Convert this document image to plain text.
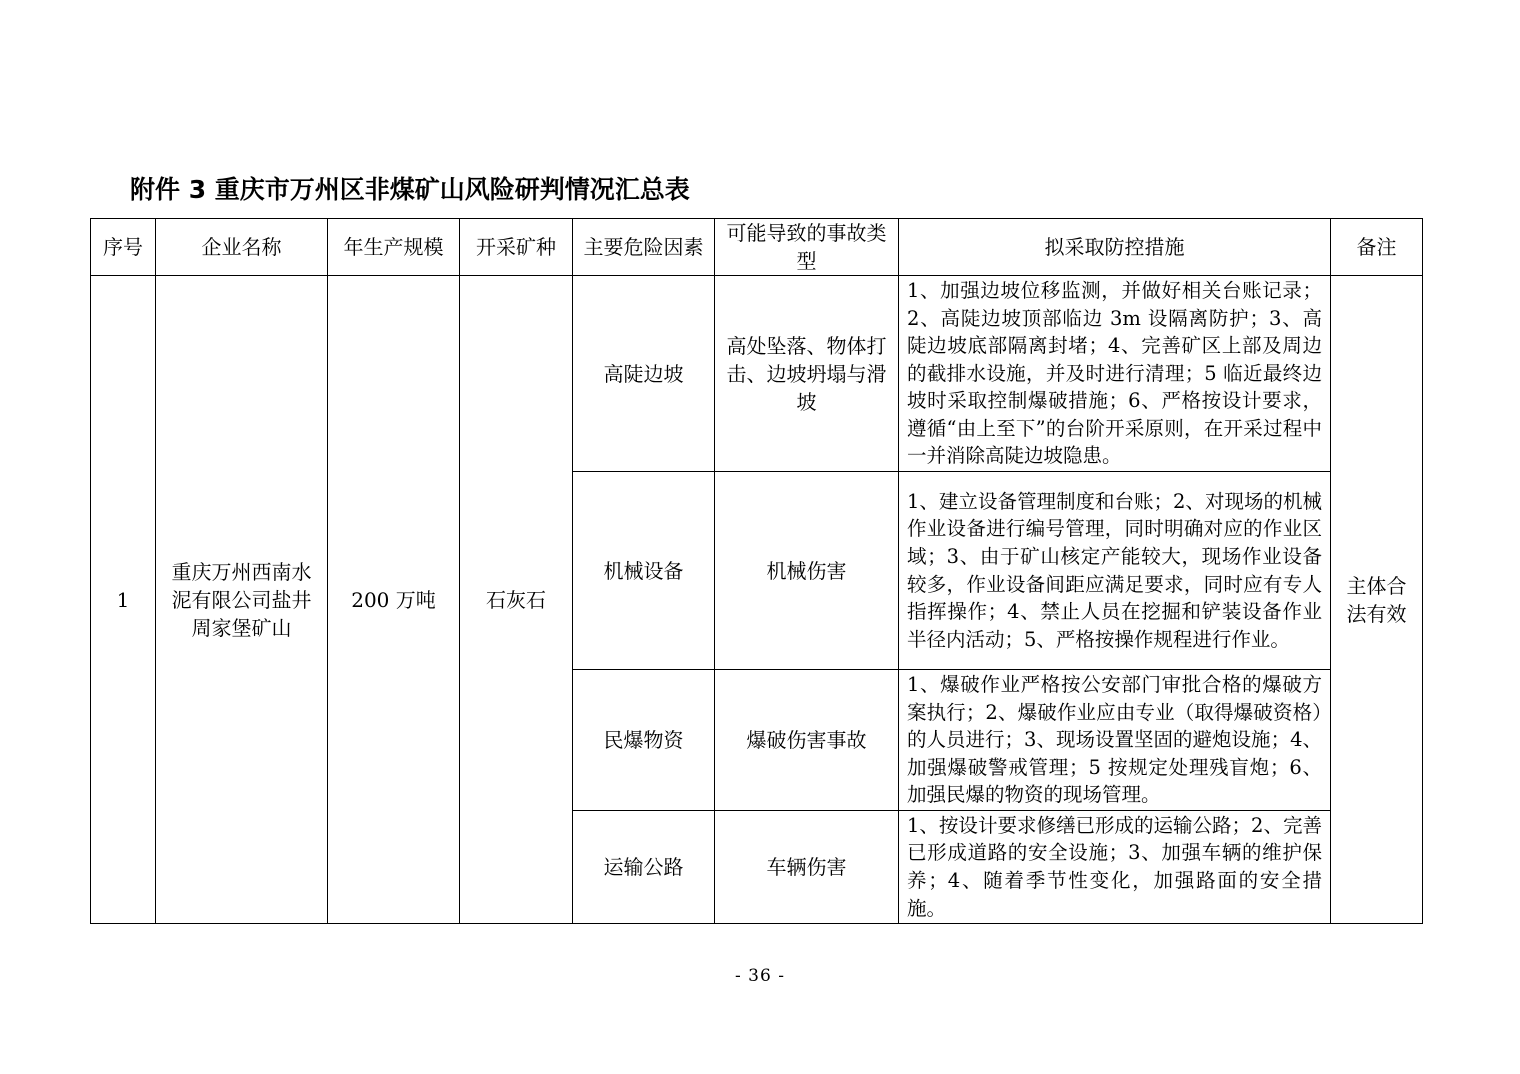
附件 3 重庆市万州区非煤矿山风险研判情况汇总表
序号	企业名称	年生产规模	开采矿种	主要危险因素	可能导致的事故类型	拟采取防控措施	备注
1	重庆万州西南水泥有限公司盐井周家堡矿山	200 万吨	石灰石	高陡边坡	高处坠落、物体打击、边坡坍塌与滑坡	1、加强边坡位移监测，并做好相关台账记录；2、高陡边坡顶部临边 3m 设隔离防护；3、高陡边坡底部隔离封堵；4、完善矿区上部及周边的截排水设施，并及时进行清理；5 临近最终边坡时采取控制爆破措施；6、严格按设计要求，遵循“由上至下”的台阶开采原则，在开采过程中一并消除高陡边坡隐患。	主体合法有效
				机械设备	机械伤害	1、建立设备管理制度和台账；2、对现场的机械作业设备进行编号管理，同时明确对应的作业区域；3、由于矿山核定产能较大，现场作业设备较多，作业设备间距应满足要求，同时应有专人指挥操作；4、禁止人员在挖掘和铲装设备作业半径内活动；5、严格按操作规程进行作业。	
				民爆物资	爆破伤害事故	1、爆破作业严格按公安部门审批合格的爆破方案执行；2、爆破作业应由专业（取得爆破资格）的人员进行；3、现场设置坚固的避炮设施；4、加强爆破警戒管理；5 按规定处理残盲炮；6、加强民爆的物资的现场管理。	
				运输公路	车辆伤害	1、按设计要求修缮已形成的运输公路；2、完善已形成道路的安全设施；3、加强车辆的维护保养；4、随着季节性变化，加强路面的安全措施。	
- 36 -
